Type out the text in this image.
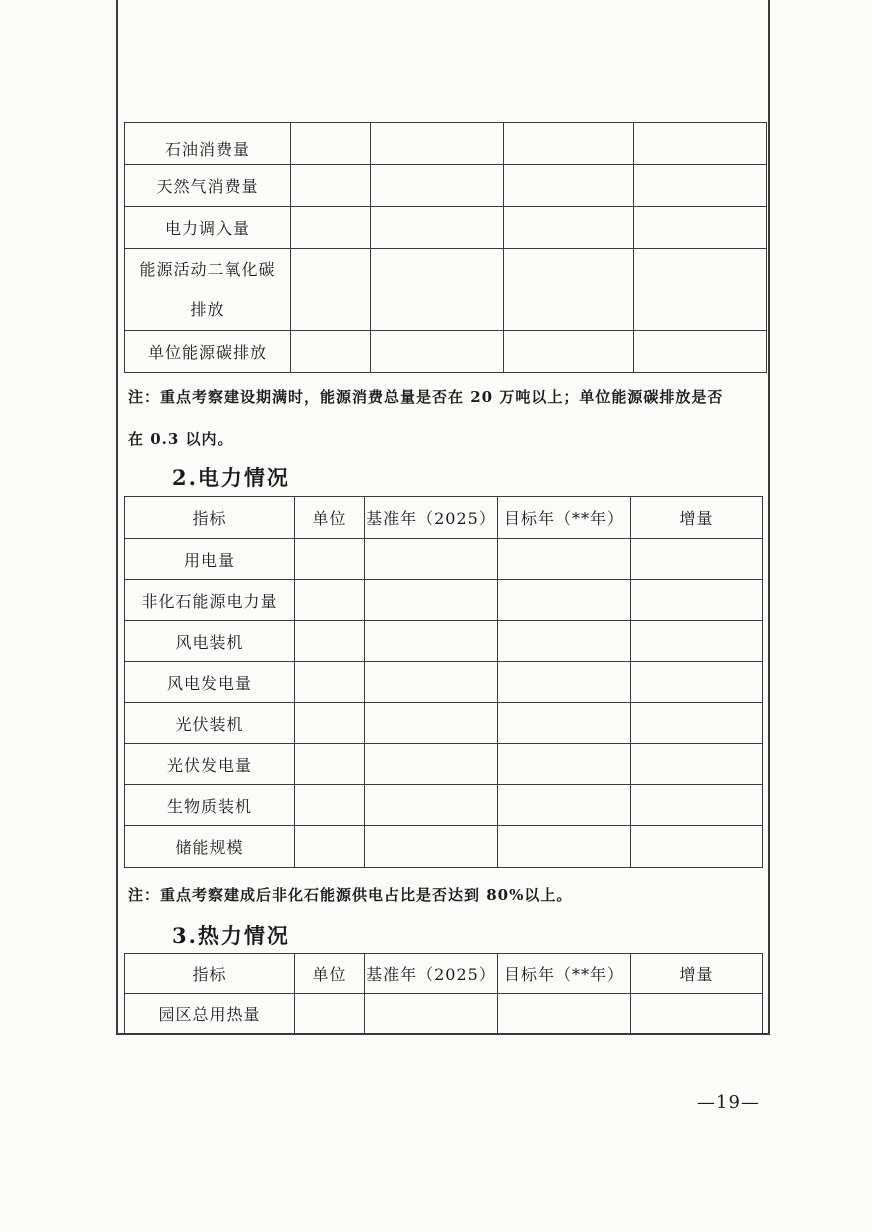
石油消费量				
天然气消费量				
电力调入量				
能源活动二氧化碳
排放				
单位能源碳排放				
注：重点考察建设期满时，能源消费总量是否在 20 万吨以上；单位能源碳排放是否
在 0.3 以内。
2.电力情况
指标	单位	基准年（2025）	目标年（**年）	增量
用电量				
非化石能源电力量				
风电装机				
风电发电量				
光伏装机				
光伏发电量				
生物质装机				
储能规模				
注：重点考察建成后非化石能源供电占比是否达到 80%以上。
3.热力情况
指标	单位	基准年（2025）	目标年（**年）	增量
园区总用热量				
—19—
